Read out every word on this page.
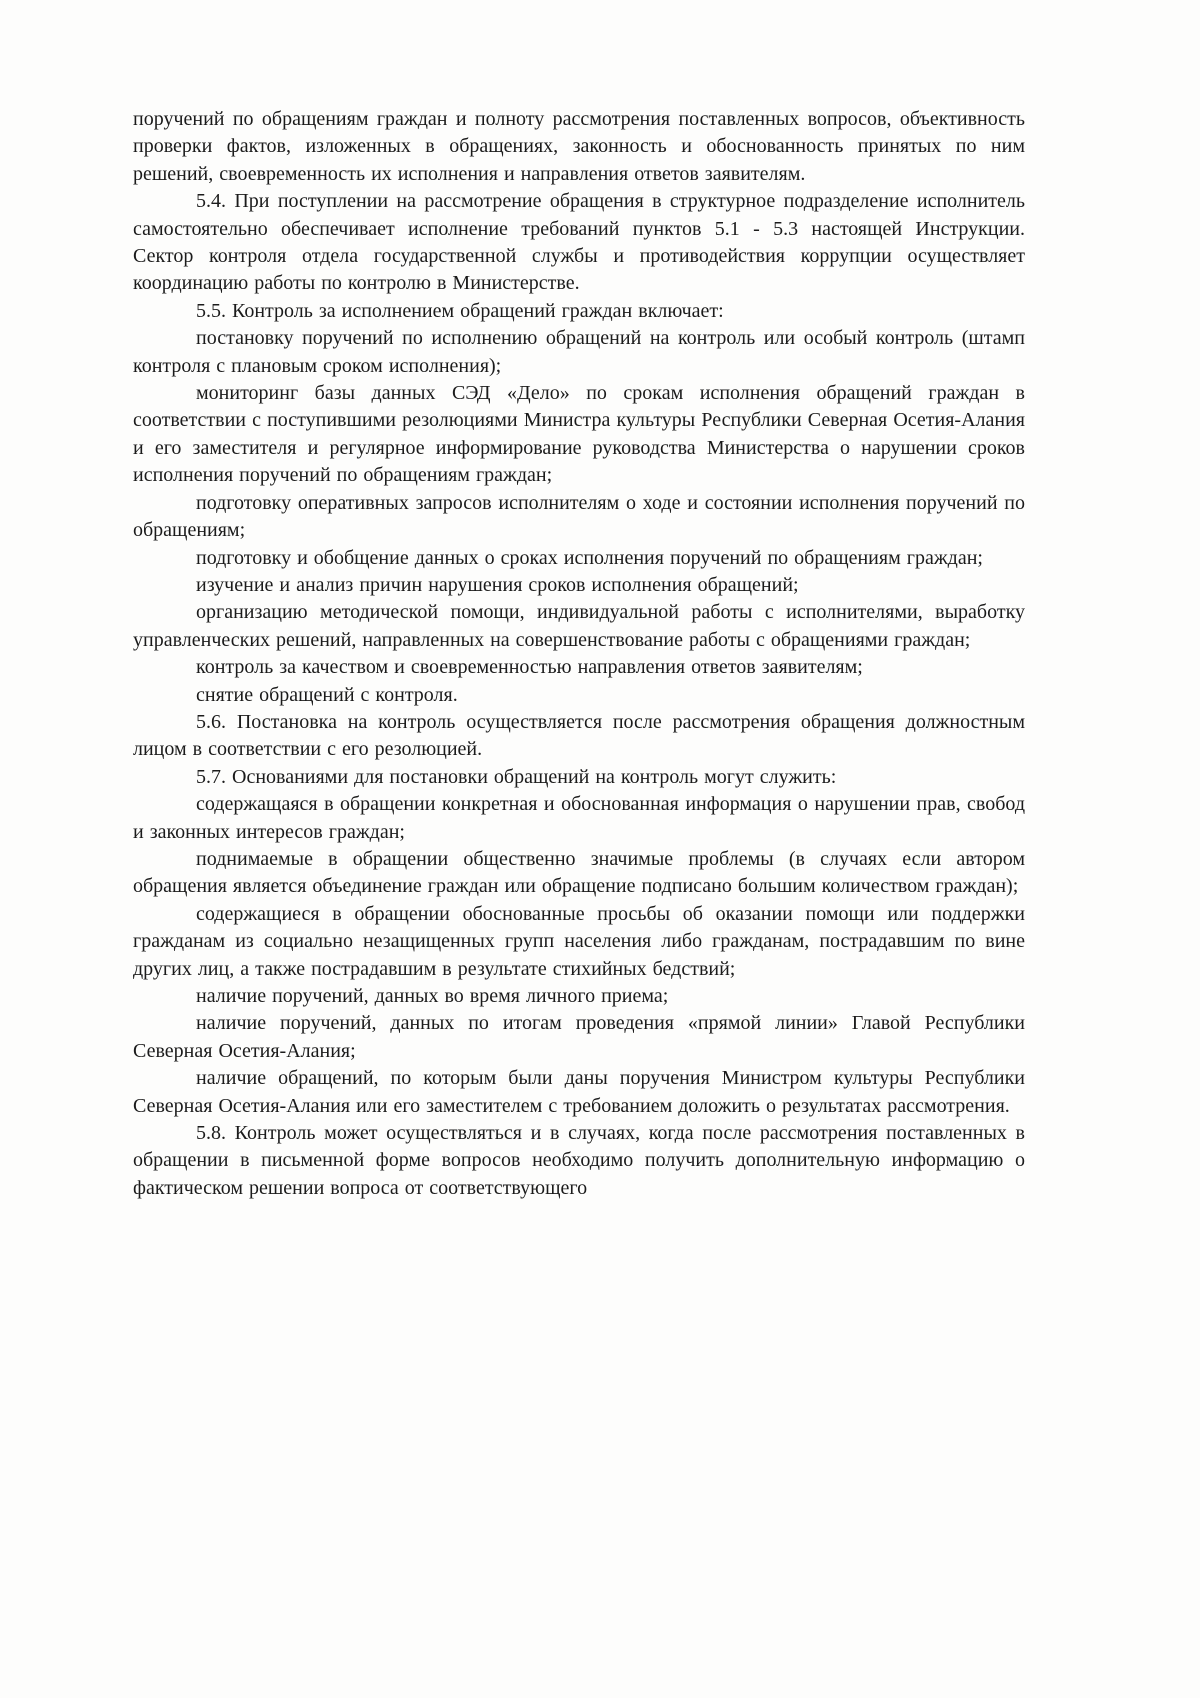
поручений по обращениям граждан и полноту рассмотрения поставленных вопросов, объективность проверки фактов, изложенных в обращениях, законность и обоснованность принятых по ним решений, своевременность их исполнения и направления ответов заявителям.

5.4. При поступлении на рассмотрение обращения в структурное подразделение исполнитель самостоятельно обеспечивает исполнение требований пунктов 5.1 - 5.3 настоящей Инструкции. Сектор контроля отдела государственной службы и противодействия коррупции осуществляет координацию работы по контролю в Министерстве.

5.5. Контроль за исполнением обращений граждан включает:

постановку поручений по исполнению обращений на контроль или особый контроль (штамп контроля с плановым сроком исполнения);

мониторинг базы данных СЭД «Дело» по срокам исполнения обращений граждан в соответствии с поступившими резолюциями Министра культуры Республики Северная Осетия-Алания и его заместителя и регулярное информирование руководства Министерства о нарушении сроков исполнения поручений по обращениям граждан;

подготовку оперативных запросов исполнителям о ходе и состоянии исполнения поручений по обращениям;

подготовку и обобщение данных о сроках исполнения поручений по обращениям граждан;

изучение и анализ причин нарушения сроков исполнения обращений;

организацию методической помощи, индивидуальной работы с исполнителями, выработку управленческих решений, направленных на совершенствование работы с обращениями граждан;

контроль за качеством и своевременностью направления ответов заявителям;

снятие обращений с контроля.

5.6. Постановка на контроль осуществляется после рассмотрения обращения должностным лицом в соответствии с его резолюцией.

5.7. Основаниями для постановки обращений на контроль могут служить:

содержащаяся в обращении конкретная и обоснованная информация о нарушении прав, свобод и законных интересов граждан;

поднимаемые в обращении общественно значимые проблемы (в случаях если автором обращения является объединение граждан или обращение подписано большим количеством граждан);

содержащиеся в обращении обоснованные просьбы об оказании помощи или поддержки гражданам из социально незащищенных групп населения либо гражданам, пострадавшим по вине других лиц, а также пострадавшим в результате стихийных бедствий;

наличие поручений, данных во время личного приема;

наличие поручений, данных по итогам проведения «прямой линии» Главой Республики Северная Осетия-Алания;

наличие обращений, по которым были даны поручения Министром культуры Республики Северная Осетия-Алания или его заместителем с требованием доложить о результатах рассмотрения.

5.8. Контроль может осуществляться и в случаях, когда после рассмотрения поставленных в обращении в письменной форме вопросов необходимо получить дополнительную информацию о фактическом решении вопроса от соответствующего
